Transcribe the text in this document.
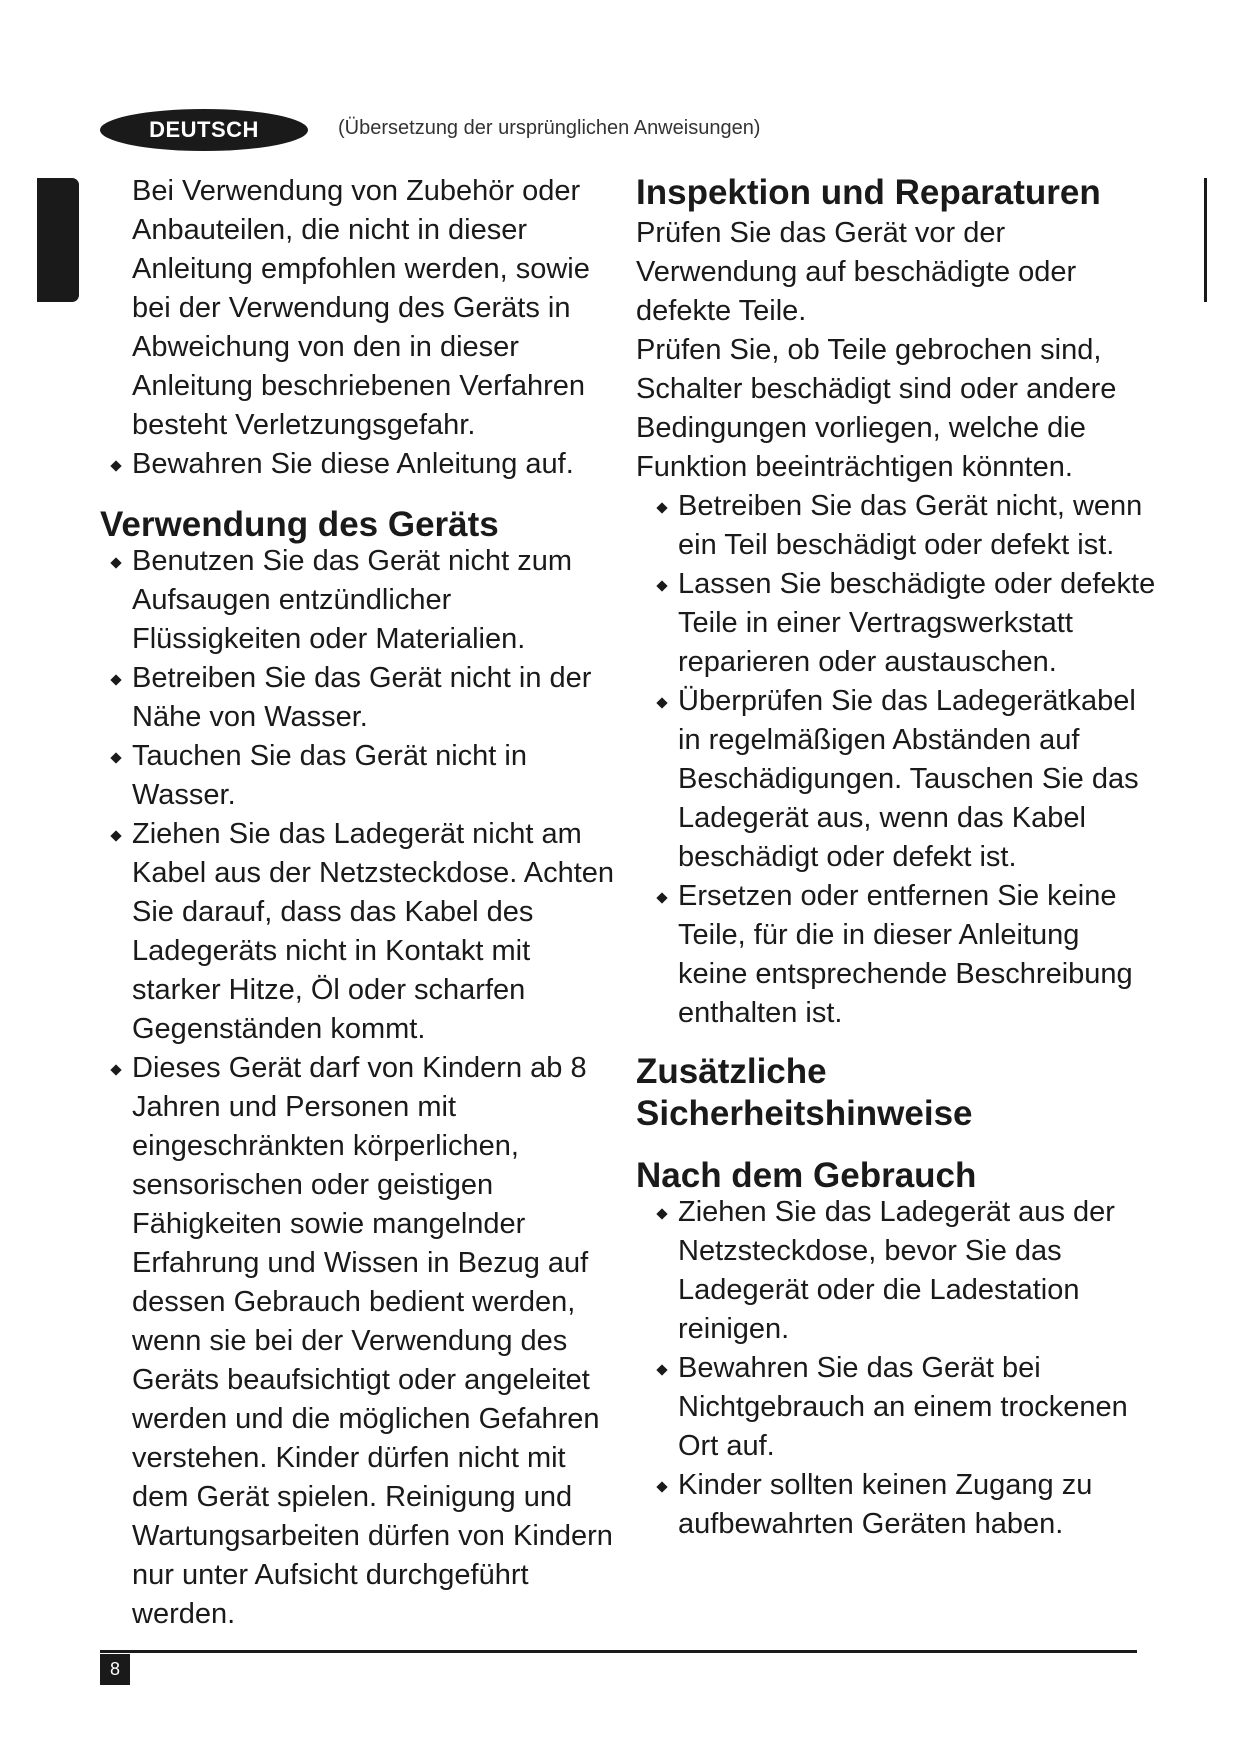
DEUTSCH	(Übersetzung der ursprünglichen Anweisungen)

Bei Verwendung von Zubehör oder Anbauteilen, die nicht in dieser Anleitung empfohlen werden, sowie bei der Verwendung des Geräts in Abweichung von den in dieser Anleitung beschriebenen Verfahren besteht Verletzungsgefahr.

Bewahren Sie diese Anleitung auf.
Verwendung des Geräts
Benutzen Sie das Gerät nicht zum Aufsaugen entzündlicher Flüssigkeiten oder Materialien.
Betreiben Sie das Gerät nicht in der Nähe von Wasser.
Tauchen Sie das Gerät nicht in Wasser.
Ziehen Sie das Ladegerät nicht am Kabel aus der Netzsteckdose. Achten Sie darauf, dass das Kabel des Ladegeräts nicht in Kontakt mit starker Hitze, Öl oder scharfen Gegenständen kommt.
Dieses Gerät darf von Kindern ab 8 Jahren und Personen mit eingeschränkten körperlichen, sensorischen oder geistigen Fähigkeiten sowie mangelnder Erfahrung und Wissen in Bezug auf dessen Gebrauch bedient werden, wenn sie bei der Verwendung des Geräts beaufsichtigt oder angeleitet werden und die möglichen Gefahren verstehen. Kinder dürfen nicht mit dem Gerät spielen. Reinigung und Wartungsarbeiten dürfen von Kindern nur unter Aufsicht durchgeführt werden.
Inspektion und Reparaturen

Prüfen Sie das Gerät vor der Verwendung auf beschädigte oder defekte Teile.

Prüfen Sie, ob Teile gebrochen sind, Schalter beschädigt sind oder andere Bedingungen vorliegen, welche die Funktion beeinträchtigen könnten.

Betreiben Sie das Gerät nicht, wenn ein Teil beschädigt oder defekt ist.
Lassen Sie beschädigte oder defekte Teile in einer Vertragswerkstatt reparieren oder austauschen.
Überprüfen Sie das Ladegerätkabel in regelmäßigen Abständen auf Beschädigungen. Tauschen Sie das Ladegerät aus, wenn das Kabel beschädigt oder defekt ist.
Ersetzen oder entfernen Sie keine Teile, für die in dieser Anleitung keine entsprechende Beschreibung enthalten ist.
Zusätzliche Sicherheitshinweise
Nach dem Gebrauch
Ziehen Sie das Ladegerät aus der Netzsteckdose, bevor Sie das Ladegerät oder die Ladestation reinigen.
Bewahren Sie das Gerät bei Nichtgebrauch an einem trockenen Ort auf.
Kinder sollten keinen Zugang zu aufbewahrten Geräten haben.
8
